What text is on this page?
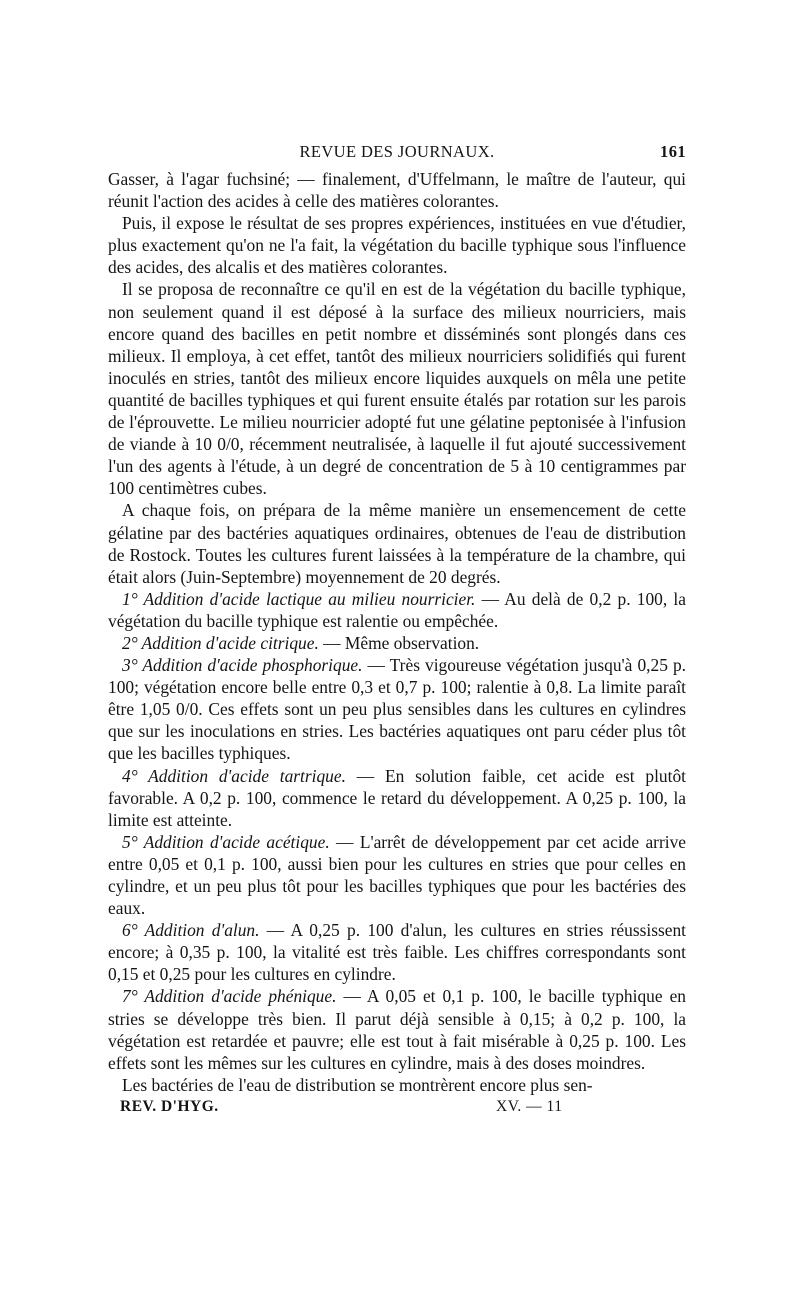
REVUE DES JOURNAUX.	161

Gasser, à l'agar fuchsiné; — finalement, d'Uffelmann, le maître de l'auteur, qui réunit l'action des acides à celle des matières colorantes.

Puis, il expose le résultat de ses propres expériences, instituées en vue d'étudier, plus exactement qu'on ne l'a fait, la végétation du bacille typhique sous l'influence des acides, des alcalis et des matières colorantes.

Il se proposa de reconnaître ce qu'il en est de la végétation du bacille typhique, non seulement quand il est déposé à la surface des milieux nourriciers, mais encore quand des bacilles en petit nombre et disséminés sont plongés dans ces milieux. Il employa, à cet effet, tantôt des milieux nourriciers solidifiés qui furent inoculés en stries, tantôt des milieux encore liquides auxquels on mêla une petite quantité de bacilles typhiques et qui furent ensuite étalés par rotation sur les parois de l'éprouvette. Le milieu nourricier adopté fut une gélatine peptonisée à l'infusion de viande à 10 0/0, récemment neutralisée, à laquelle il fut ajouté successivement l'un des agents à l'étude, à un degré de concentration de 5 à 10 centigrammes par 100 centimètres cubes.

A chaque fois, on prépara de la même manière un ensemencement de cette gélatine par des bactéries aquatiques ordinaires, obtenues de l'eau de distribution de Rostock. Toutes les cultures furent laissées à la température de la chambre, qui était alors (Juin-Septembre) moyennement de 20 degrés.

1° Addition d'acide lactique au milieu nourricier. — Au delà de 0,2 p. 100, la végétation du bacille typhique est ralentie ou empêchée.

2° Addition d'acide citrique. — Même observation.

3° Addition d'acide phosphorique. — Très vigoureuse végétation jusqu'à 0,25 p. 100; végétation encore belle entre 0,3 et 0,7 p. 100; ralentie à 0,8. La limite paraît être 1,05 0/0. Ces effets sont un peu plus sensibles dans les cultures en cylindres que sur les inoculations en stries. Les bactéries aquatiques ont paru céder plus tôt que les bacilles typhiques.

4° Addition d'acide tartrique. — En solution faible, cet acide est plutôt favorable. A 0,2 p. 100, commence le retard du développement. A 0,25 p. 100, la limite est atteinte.

5° Addition d'acide acétique. — L'arrêt de développement par cet acide arrive entre 0,05 et 0,1 p. 100, aussi bien pour les cultures en stries que pour celles en cylindre, et un peu plus tôt pour les bacilles typhiques que pour les bactéries des eaux.

6° Addition d'alun. — A 0,25 p. 100 d'alun, les cultures en stries réussissent encore; à 0,35 p. 100, la vitalité est très faible. Les chiffres correspondants sont 0,15 et 0,25 pour les cultures en cylindre.

7° Addition d'acide phénique. — A 0,05 et 0,1 p. 100, le bacille typhique en stries se développe très bien. Il parut déjà sensible à 0,15; à 0,2 p. 100, la végétation est retardée et pauvre; elle est tout à fait misérable à 0,25 p. 100. Les effets sont les mêmes sur les cultures en cylindre, mais à des doses moindres.

Les bactéries de l'eau de distribution se montrèrent encore plus sen-

REV. D'HYG.	XV. — 11
